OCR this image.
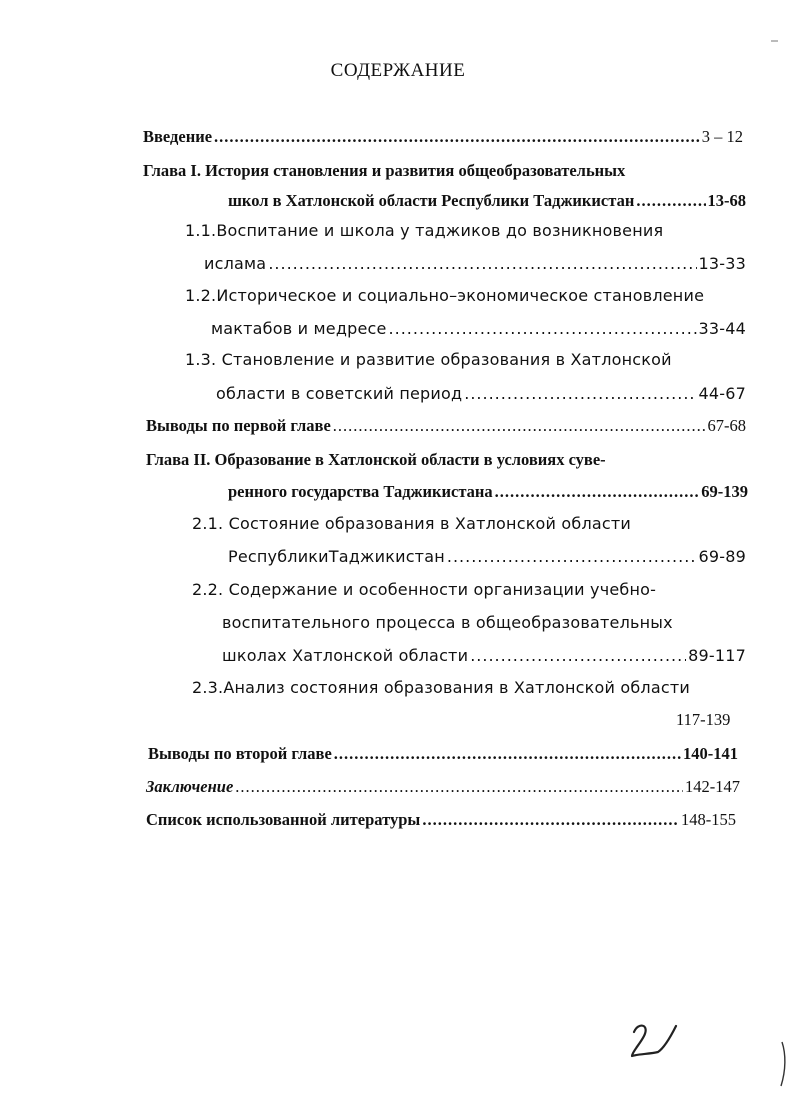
СОДЕРЖАНИЕ
Введение .....	3 – 12
Глава I. История становления и развития общеобразовательных
школ в Хатлонской области Республики Таджикистан .....	13-68
1.1.Воспитание и школа у таджиков до возникновения
ислама .....	13-33
1.2.Историческое и социально–экономическое становление
мактабов и медресе .....	33-44
1.3. Становление и развитие образования в Хатлонской
области в советский период .....	44-67
Выводы по первой главе .....	67-68
Глава II. Образование в Хатлонской области в условиях суве-
ренного государства Таджикистана .....	69-139
2.1. Состояние образования в Хатлонской области
РеспубликиТаджикистан .....	69-89
2.2. Содержание и особенности организации учебно-
воспитательного процесса в общеобразовательных
школах Хатлонской области .....	89-117
2.3.Анализ состояния образования в Хатлонской области
117-139
Выводы по второй главе .....	140-141
Заключение .....	142-147
Список использованной литературы .....	148-155
